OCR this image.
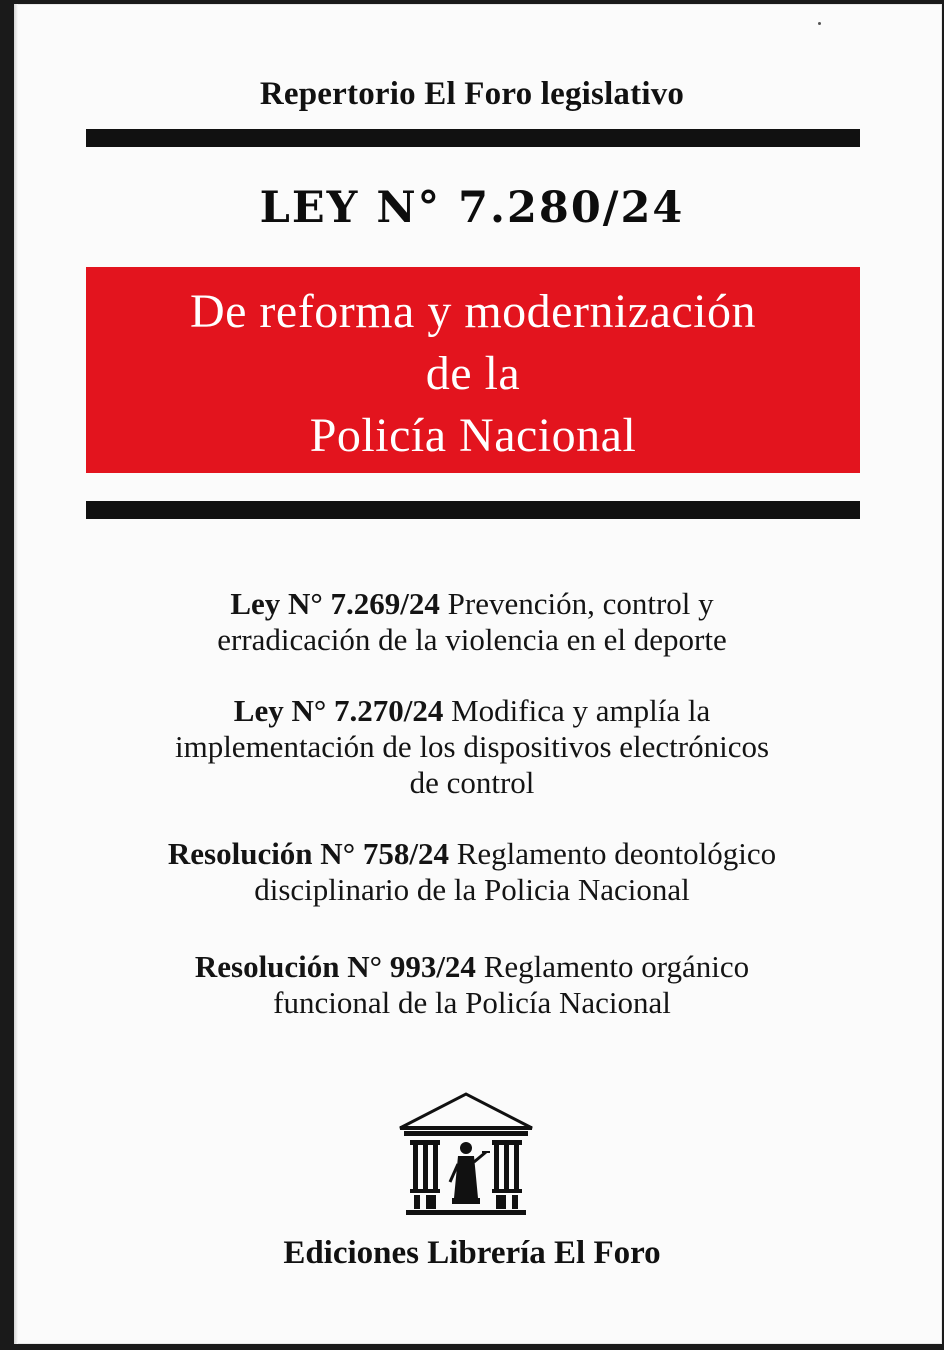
Repertorio El Foro legislativo
LEY N° 7.280/24
De reforma y modernización
de la
Policía Nacional
Ley N° 7.269/24 Prevención, control y
erradicación de la violencia en el deporte
Ley N° 7.270/24 Modifica y amplía la
implementación de los dispositivos electrónicos
de control
Resolución N° 758/24 Reglamento deontológico
disciplinario de la Policia Nacional
Resolución N° 993/24 Reglamento orgánico
funcional de la Policía Nacional
Ediciones Librería El Foro
